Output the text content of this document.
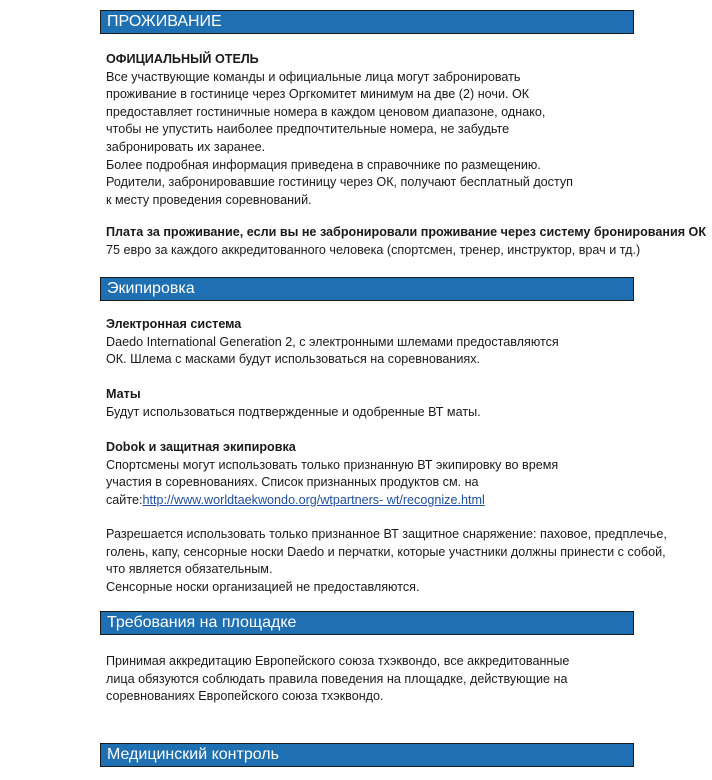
ПРОЖИВАНИЕ
ОФИЦИАЛЬНЫЙ ОТЕЛЬ
Все участвующие команды и официальные лица могут забронировать
проживание в гостинице через Оргкомитет минимум на две (2) ночи. ОК
предоставляет гостиничные номера в каждом ценовом диапазоне, однако,
чтобы не упустить наиболее предпочтительные номера, не забудьте
забронировать их заранее.
Более подробная информация приведена в справочнике по размещению.
Родители, забронировавшие гостиницу через ОК, получают бесплатный доступ
к месту проведения соревнований.
Плата за проживание, если вы не забронировали проживание через систему бронирования ОК
75 евро за каждого аккредитованного человека (спортсмен, тренер, инструктор, врач и тд.)
Экипировка
Электронная система
Daedo International Generation 2, с электронными шлемами предоставляются
ОК. Шлема с масками будут использоваться на соревнованиях.
Маты
Будут использоваться подтвержденные и одобренные ВТ маты.
Dobok и защитная экипировка
Спортсмены могут использовать только признанную ВТ экипировку во время
участия в соревнованиях. Список признанных продуктов см. на
сайте:http://www.worldtaekwondo.org/wtpartners- wt/recognize.html
Разрешается использовать только признанное ВТ защитное снаряжение: паховое, предплечье,
голень, капу, сенсорные носки Daedo и перчатки, которые участники должны принести с собой,
что является обязательным.
Сенсорные носки организацией не предоставляются.
Требования на площадке
Принимая аккредитацию Европейского союза тхэквондо, все аккредитованные
лица обязуются соблюдать правила поведения на площадке, действующие на
соревнованиях Европейского союза тхэквондо.
Медицинский контроль
